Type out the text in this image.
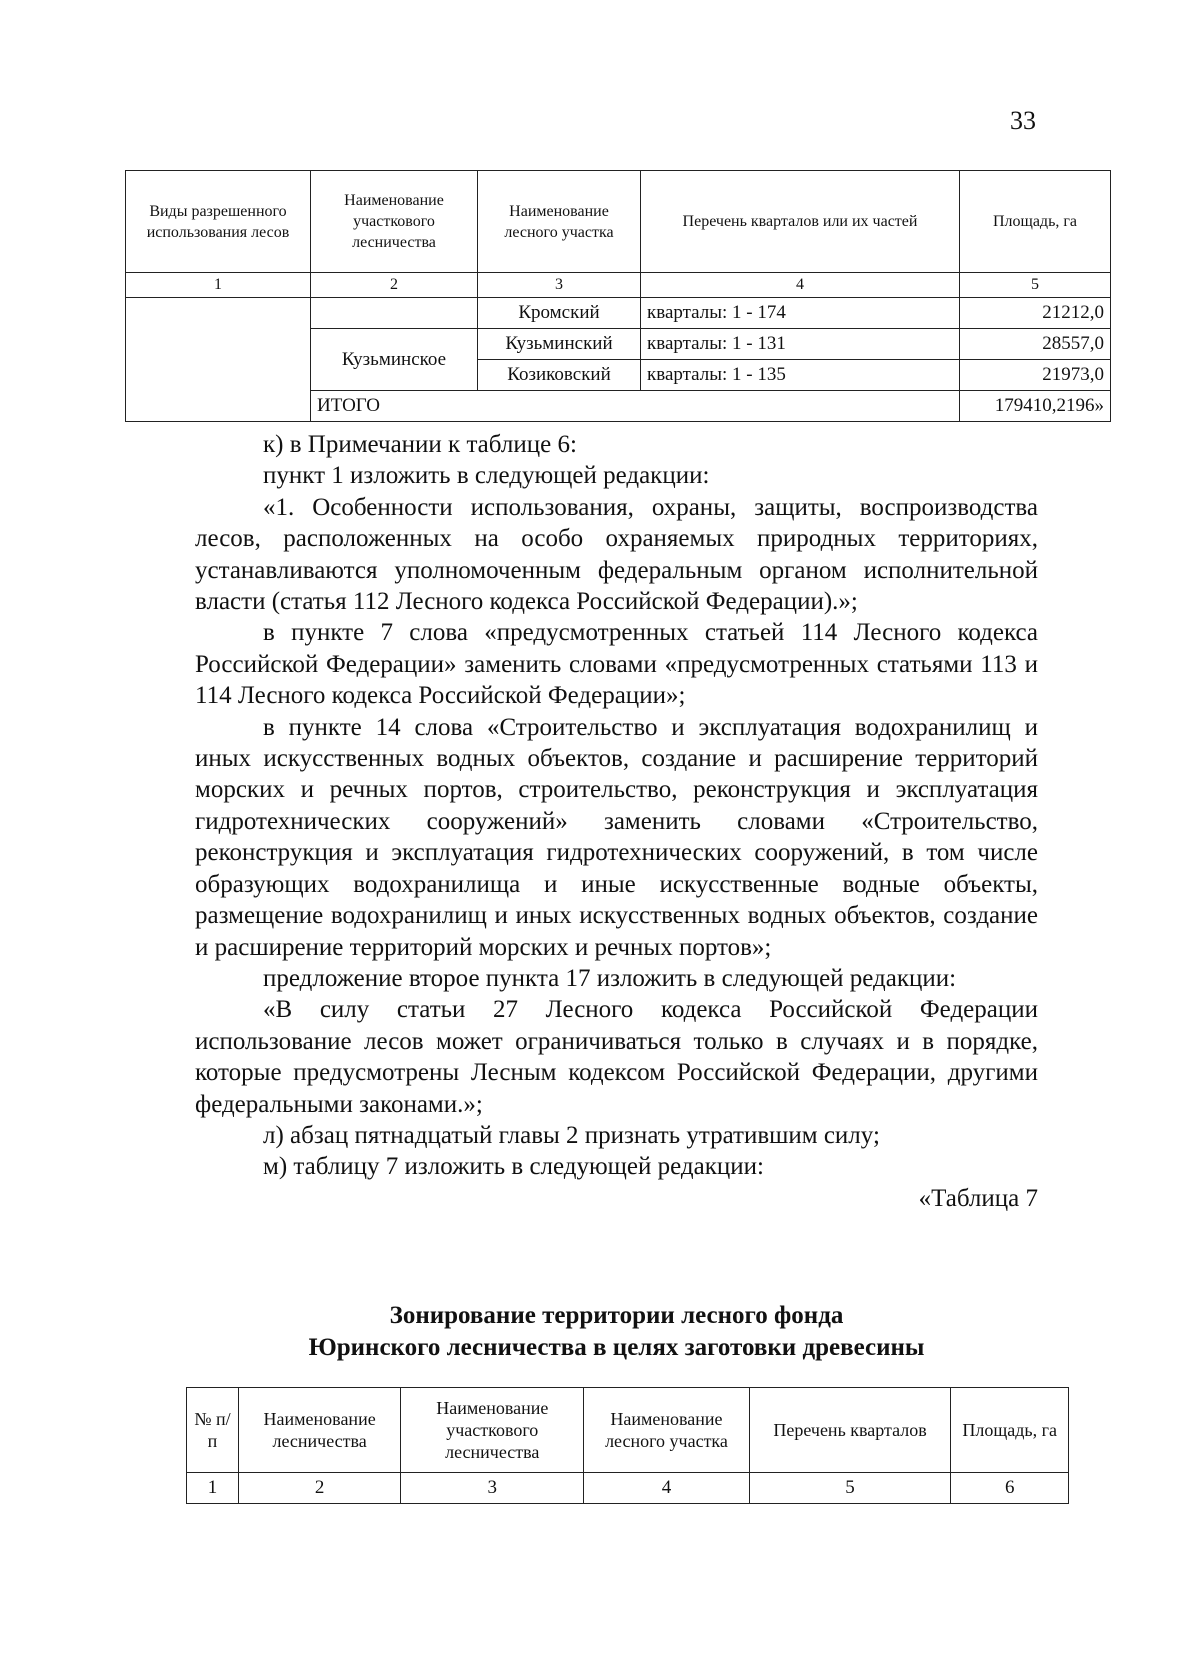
33
Виды разрешенного использования лесов	Наименование участкового лесничества	Наименование лесного участка	Перечень кварталов или их частей	Площадь, га
1	2	3	4	5
		Кромский	кварталы: 1 - 174	21212,0
	Кузьминское	Кузьминский	кварталы: 1 - 131	28557,0
		Козиковский	кварталы: 1 - 135	21973,0
	ИТОГО			179410,2196»

к) в Примечании к таблице 6:

пункт 1 изложить в следующей редакции:

«1. Особенности использования, охраны, защиты, воспроизводства лесов, расположенных на особо охраняемых природных территориях, устанавливаются уполномоченным федеральным органом исполнительной власти (статья 112 Лесного кодекса Российской Федерации).»;

в пункте 7 слова «предусмотренных статьей 114 Лесного кодекса Российской Федерации» заменить словами «предусмотренных статьями 113 и 114 Лесного кодекса Российской Федерации»;

в пункте 14 слова «Строительство и эксплуатация водохранилищ и иных искусственных водных объектов, создание и расширение территорий морских и речных портов, строительство, реконструкция и эксплуатация гидротехнических сооружений» заменить словами «Строительство, реконструкция и эксплуатация гидротехнических сооружений, в том числе образующих водохранилища и иные искусственные водные объекты, размещение водохранилищ и иных искусственных водных объектов, создание и расширение территорий морских и речных портов»;

предложение второе пункта 17 изложить в следующей редакции:

«В силу статьи 27 Лесного кодекса Российской Федерации использование лесов может ограничиваться только в случаях и в порядке, которые предусмотрены Лесным кодексом Российской Федерации, другими федеральными законами.»;

л) абзац пятнадцатый главы 2 признать утратившим силу;

м) таблицу 7 изложить в следующей редакции:

«Таблица 7

Зонирование территории лесного фонда
Юринского лесничества в целях заготовки древесины
№ п/п	Наименование лесничества	Наименование участкового лесничества	Наименование лесного участка	Перечень кварталов	Площадь, га
1	2	3	4	5	6
